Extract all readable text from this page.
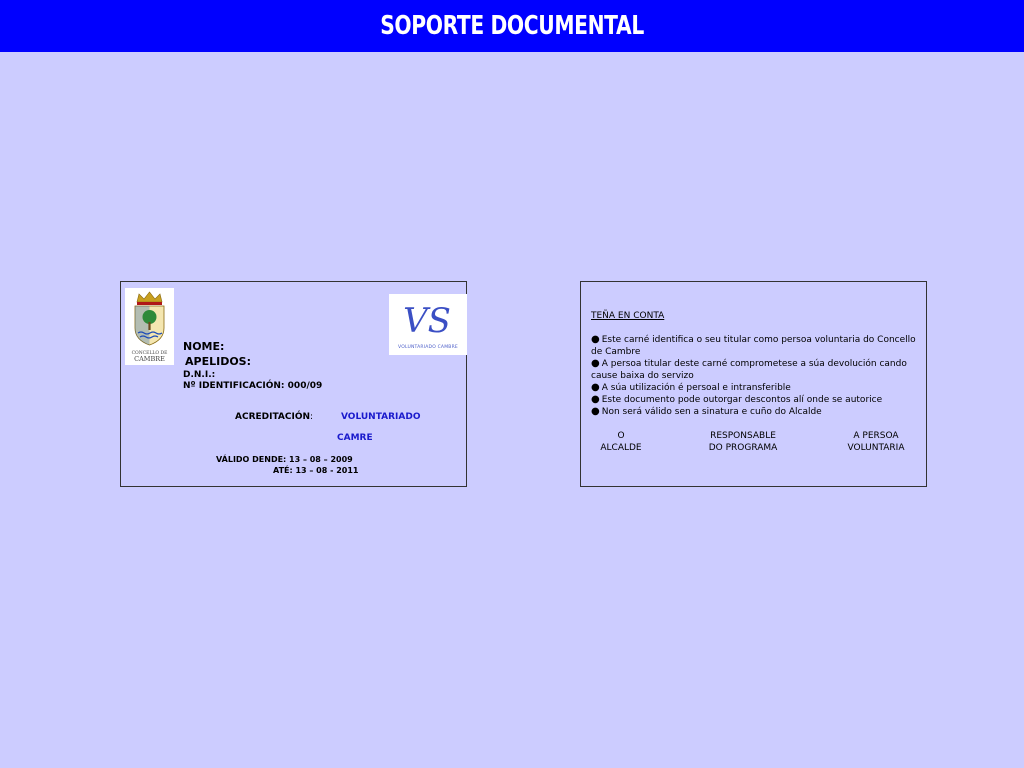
SOPORTE DOCUMENTAL
CONCELLO DE
CAMBRE
VS
VOLUNTARIADO CAMBRE
NOME:
APELIDOS:
D.N.I.:
Nº IDENTIFICACIÓN: 000/09
ACREDITACIÓN:	VOLUNTARIADO
CAMRE
VÁLIDO DENDE: 13 – 08 – 2009
ATÉ: 13 – 08 - 2011
TEÑA EN CONTA
● Este carné identifica o seu titular como persoa voluntaria do Concello de Cambre
● A persoa titular deste carné comprometese a súa devolución cando cause baixa do servizo
● A súa utilización é persoal e intransferible
● Este documento pode outorgar descontos alí onde se autorice
● Non será válido sen a sinatura e cuño do Alcalde
O
ALCALDE
RESPONSABLE
DO PROGRAMA
A PERSOA
VOLUNTARIA
